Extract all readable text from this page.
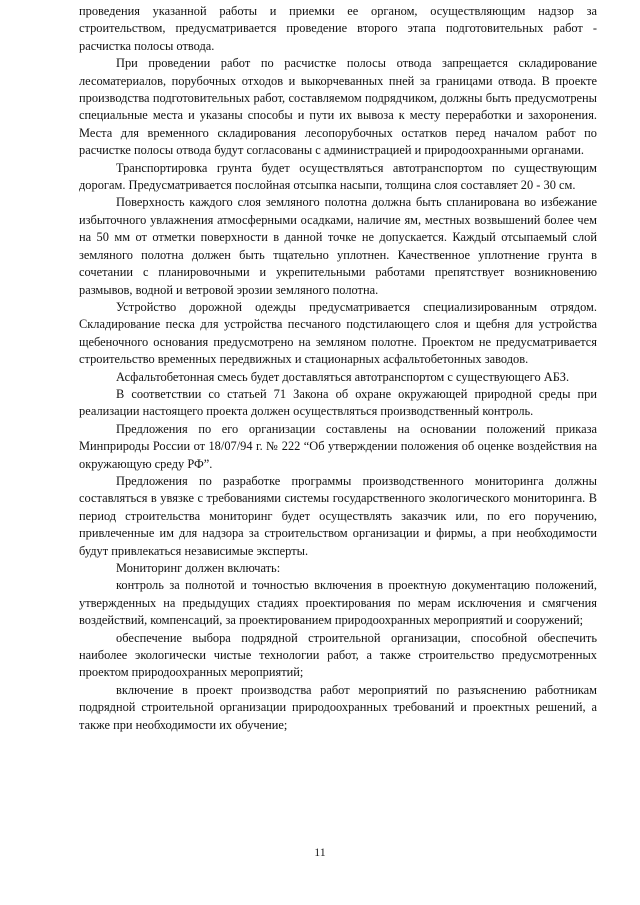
проведения указанной работы и приемки ее органом, осуществляющим надзор за строительством, предусматривается проведение второго этапа подготовительных работ - расчистка полосы отвода.

При проведении работ по расчистке полосы отвода запрещается складирование лесоматериалов, порубочных отходов и выкорчеванных пней за границами отвода. В проекте производства подготовительных работ, составляемом подрядчиком, должны быть предусмотрены специальные места и указаны способы и пути их вывоза к месту переработки и захоронения. Места для временного складирования лесопорубочных остатков перед началом работ по расчистке полосы отвода будут согласованы с администрацией и природоохранными органами.

Транспортировка грунта будет осуществляться автотранспортом по существующим дорогам. Предусматривается послойная отсыпка насыпи, толщина слоя составляет 20 - 30 см.

Поверхность каждого слоя земляного полотна должна быть спланирована во избежание избыточного увлажнения атмосферными осадками, наличие ям, местных возвышений более чем на 50 мм от отметки поверхности в данной точке не допускается. Каждый отсыпаемый слой земляного полотна должен быть тщательно уплотнен. Качественное уплотнение грунта в сочетании с планировочными и укрепительными работами препятствует возникновению размывов, водной и ветровой эрозии земляного полотна.

Устройство дорожной одежды предусматривается специализированным отрядом. Складирование песка для устройства песчаного подстилающего слоя и щебня для устройства щебеночного основания предусмотрено на земляном полотне. Проектом не предусматривается строительство временных передвижных и стационарных асфальтобетонных заводов.

Асфальтобетонная смесь будет доставляться автотранспортом с существующего АБЗ.

В соответствии со статьей 71 Закона об охране окружающей природной среды при реализации настоящего проекта должен осуществляться производственный контроль.

Предложения по его организации составлены на основании положений приказа Минприроды России от 18/07/94 г. № 222 “Об утверждении положения об оценке воздействия на окружающую среду РФ”.

Предложения по разработке программы производственного мониторинга должны составляться в увязке с требованиями системы государственного экологического мониторинга. В период строительства мониторинг будет осуществлять заказчик или, по его поручению, привлеченные им для надзора за строительством организации и фирмы, а при необходимости будут привлекаться независимые эксперты.

Мониторинг должен включать:

контроль за полнотой и точностью включения в проектную документацию положений, утвержденных на предыдущих стадиях проектирования по мерам исключения и смягчения воздействий, компенсаций, за проектированием природоохранных мероприятий и сооружений;

обеспечение выбора подрядной строительной организации, способной обеспечить наиболее экологически чистые технологии работ, а также строительство предусмотренных проектом природоохранных мероприятий;

включение в проект производства работ мероприятий по разъяснению работникам подрядной строительной организации природоохранных требований и проектных решений, а также при необходимости их обучение;

11
